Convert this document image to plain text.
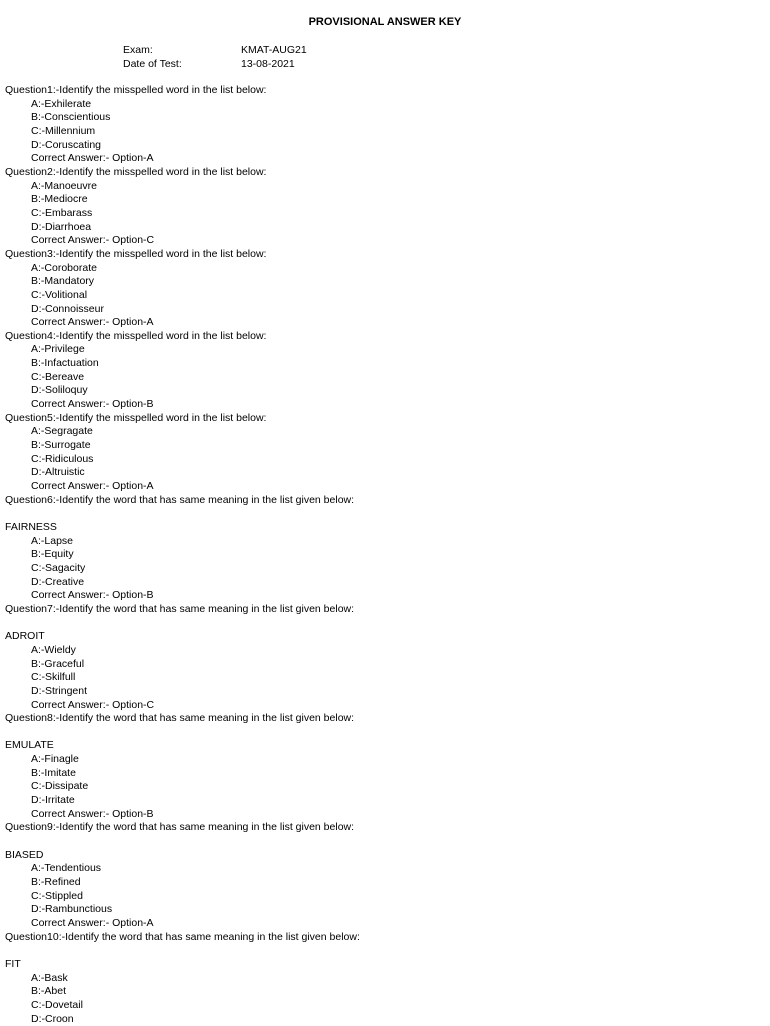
PROVISIONAL ANSWER KEY
Exam:	KMAT-AUG21
Date of Test:	13-08-2021
Question1:-Identify the misspelled word in the list below:
A:-Exhilerate
B:-Conscientious
C:-Millennium
D:-Coruscating
Correct Answer:- Option-A
Question2:-Identify the misspelled word in the list below:
A:-Manoeuvre
B:-Mediocre
C:-Embarass
D:-Diarrhoea
Correct Answer:- Option-C
Question3:-Identify the misspelled word in the list below:
A:-Coroborate
B:-Mandatory
C:-Volitional
D:-Connoisseur
Correct Answer:- Option-A
Question4:-Identify the misspelled word in the list below:
A:-Privilege
B:-Infactuation
C:-Bereave
D:-Soliloquy
Correct Answer:- Option-B
Question5:-Identify the misspelled word in the list below:
A:-Segragate
B:-Surrogate
C:-Ridiculous
D:-Altruistic
Correct Answer:- Option-A
Question6:-Identify the word that has same meaning in the list given below:
FAIRNESS
A:-Lapse
B:-Equity
C:-Sagacity
D:-Creative
Correct Answer:- Option-B
Question7:-Identify the word that has same meaning in the list given below:
ADROIT
A:-Wieldy
B:-Graceful
C:-Skilfull
D:-Stringent
Correct Answer:- Option-C
Question8:-Identify the word that has same meaning in the list given below:
EMULATE
A:-Finagle
B:-Imitate
C:-Dissipate
D:-Irritate
Correct Answer:- Option-B
Question9:-Identify the word that has same meaning in the list given below:
BIASED
A:-Tendentious
B:-Refined
C:-Stippled
D:-Rambunctious
Correct Answer:- Option-A
Question10:-Identify the word that has same meaning in the list given below:
FIT
A:-Bask
B:-Abet
C:-Dovetail
D:-Croon
